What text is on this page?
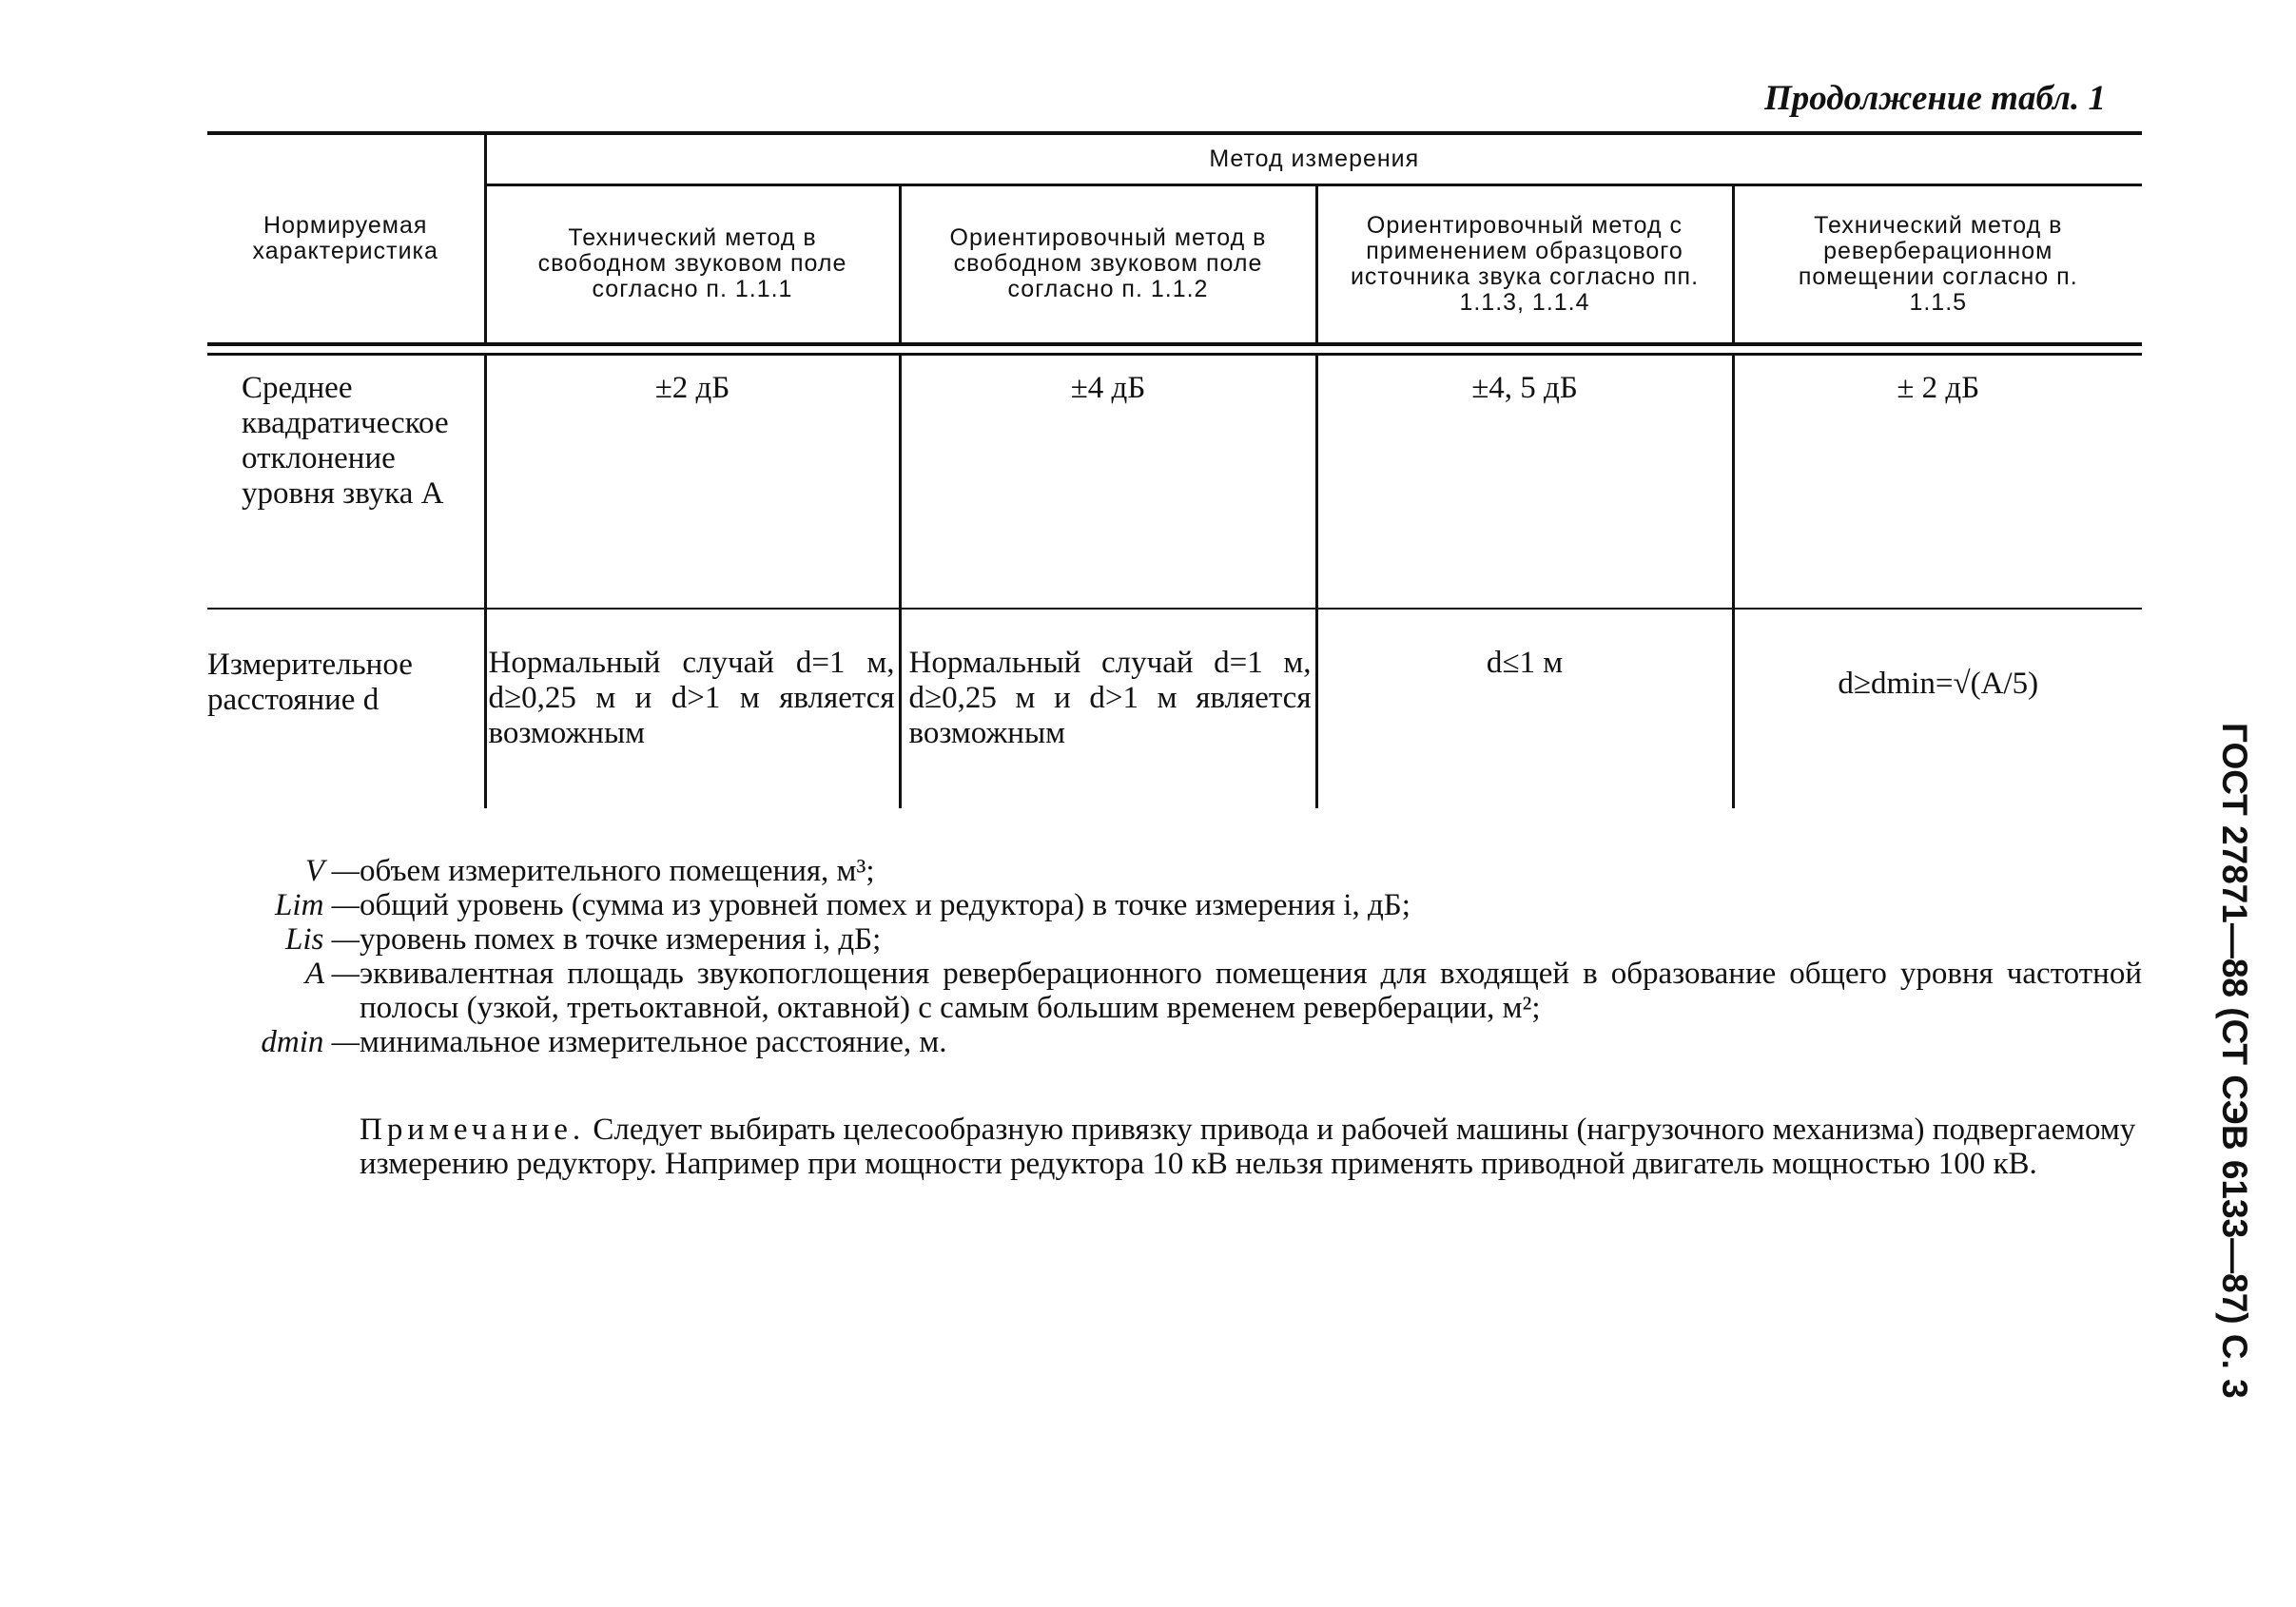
Продолжение табл. 1
Нормируемая характеристика	Метод измерения			
	Технический метод в свободном звуковом поле согласно п. 1.1.1	Ориентировочный метод в свободном звуковом поле согласно п. 1.1.2	Ориентировочный метод с применением образцового источника звука согласно пп. 1.1.3, 1.1.4	Технический метод в реверберационном помещении согласно п. 1.1.5

Среднее квадратическое отклонение уровня звука A	±2 дБ	±4 дБ	±4, 5 дБ	± 2 дБ
Измерительное расстояние d	Нормальный случай d=1 м, d≥0,25 м и d>1 м является возможным	Нормальный случай d=1 м, d≥0,25 м и d>1 м является возможным	d≤1 м	d≥dmin=√(A/5)
V — объем измерительного помещения, м³;
Lim — общий уровень (сумма из уровней помех и редуктора) в точке измерения i, дБ;
Lis — уровень помех в точке измерения i, дБ;
A — эквивалентная площадь звукопоглощения реверберационного помещения для входящей в образование общего уровня частотной полосы (узкой, третьоктавной, октавной) с самым большим временем реверберации, м²;
dmin — минимальное измерительное расстояние, м.
Примечание. Следует выбирать целесообразную привязку привода и рабочей машины (нагрузочного механизма) подвергаемому измерению редуктору. Например при мощности редуктора 10 кВ нельзя применять приводной двигатель мощностью 100 кВ.	ГОСТ 27871—88 (СТ СЭВ 6133—87) С. 3
